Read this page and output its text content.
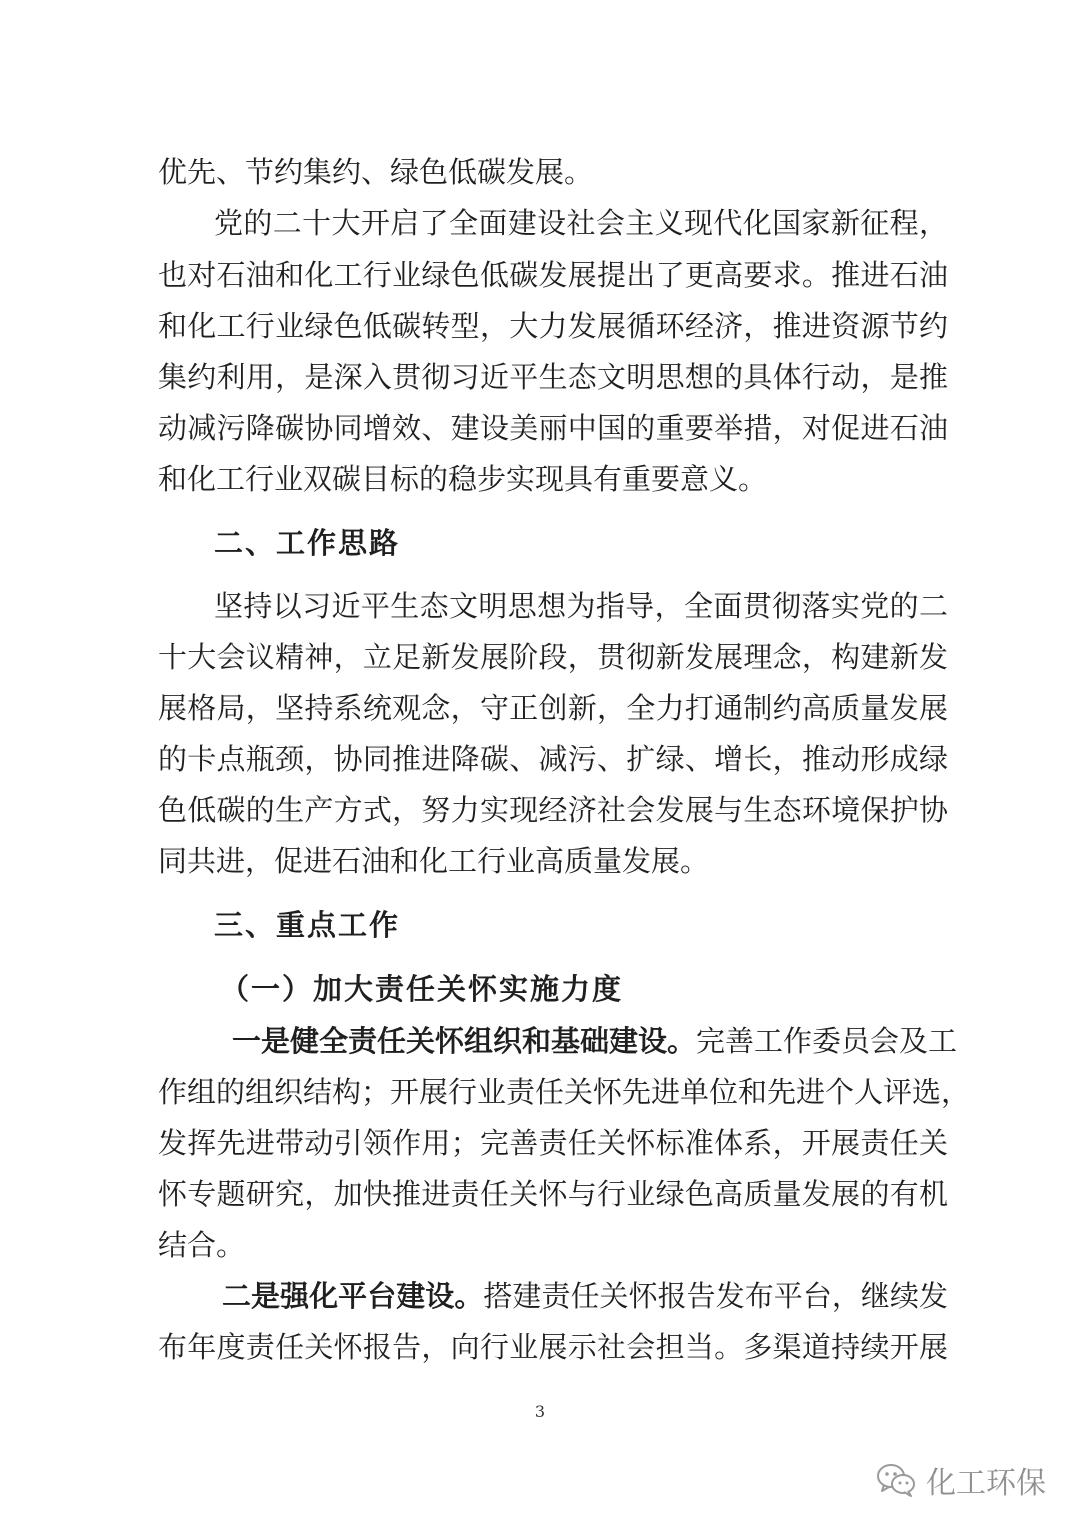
优先、节约集约、绿色低碳发展。
党的二十大开启了全面建设社会主义现代化国家新征程，
也对石油和化工行业绿色低碳发展提出了更高要求。推进石油
和化工行业绿色低碳转型，大力发展循环经济，推进资源节约
集约利用，是深入贯彻习近平生态文明思想的具体行动，是推
动减污降碳协同增效、建设美丽中国的重要举措，对促进石油
和化工行业双碳目标的稳步实现具有重要意义。
二、工作思路
坚持以习近平生态文明思想为指导，全面贯彻落实党的二
十大会议精神，立足新发展阶段，贯彻新发展理念，构建新发
展格局，坚持系统观念，守正创新，全力打通制约高质量发展
的卡点瓶颈，协同推进降碳、减污、扩绿、增长，推动形成绿
色低碳的生产方式，努力实现经济社会发展与生态环境保护协
同共进，促进石油和化工行业高质量发展。
三、重点工作
（一）加大责任关怀实施力度
一是健全责任关怀组织和基础建设。完善工作委员会及工
作组的组织结构；开展行业责任关怀先进单位和先进个人评选，
发挥先进带动引领作用；完善责任关怀标准体系，开展责任关
怀专题研究，加快推进责任关怀与行业绿色高质量发展的有机
结合。
二是强化平台建设。搭建责任关怀报告发布平台，继续发
布年度责任关怀报告，向行业展示社会担当。多渠道持续开展
3
化工环保
